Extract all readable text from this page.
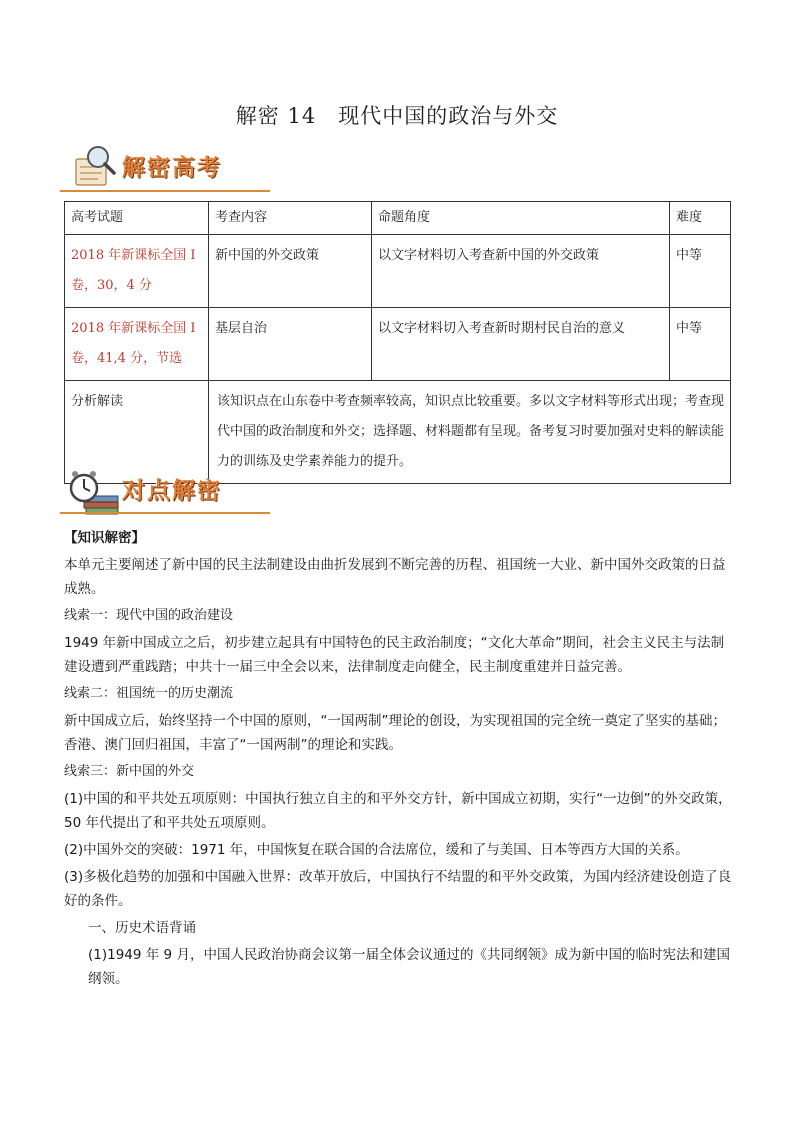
解密 14　现代中国的政治与外交
解密高考
高考试题	考查内容	命题角度	难度
2018 年新课标全国 I 卷，30，4 分	新中国的外交政策	以文字材料切入考查新中国的外交政策	中等
2018 年新课标全国 I 卷，41,4 分，节选	基层自治	以文字材料切入考查新时期村民自治的意义	中等
分析解读	该知识点在山东卷中考查频率较高，知识点比较重要。多以文字材料等形式出现；考查现代中国的政治制度和外交；选择题、材料题都有呈现。备考复习时要加强对史料的解读能力的训练及史学素养能力的提升。		
对点解密

【知识解密】

本单元主要阐述了新中国的民主法制建设由曲折发展到不断完善的历程、祖国统一大业、新中国外交政策的日益成熟。

线索一：现代中国的政治建设

1949 年新中国成立之后，初步建立起具有中国特色的民主政治制度；“文化大革命”期间，社会主义民主与法制建设遭到严重践踏；中共十一届三中全会以来，法律制度走向健全，民主制度重建并日益完善。

线索二：祖国统一的历史潮流

新中国成立后，始终坚持一个中国的原则，“一国两制”理论的创设，为实现祖国的完全统一奠定了坚实的基础；香港、澳门回归祖国，丰富了“一国两制”的理论和实践。

线索三：新中国的外交

(1)中国的和平共处五项原则：中国执行独立自主的和平外交方针，新中国成立初期，实行“一边倒”的外交政策，50 年代提出了和平共处五项原则。

(2)中国外交的突破：1971 年，中国恢复在联合国的合法席位，缓和了与美国、日本等西方大国的关系。

(3)多极化趋势的加强和中国融入世界：改革开放后，中国执行不结盟的和平外交政策，为国内经济建设创造了良好的条件。

一、历史术语背诵

(1)1949 年 9 月，中国人民政治协商会议第一届全体会议通过的《共同纲领》成为新中国的临时宪法和建国纲领。
